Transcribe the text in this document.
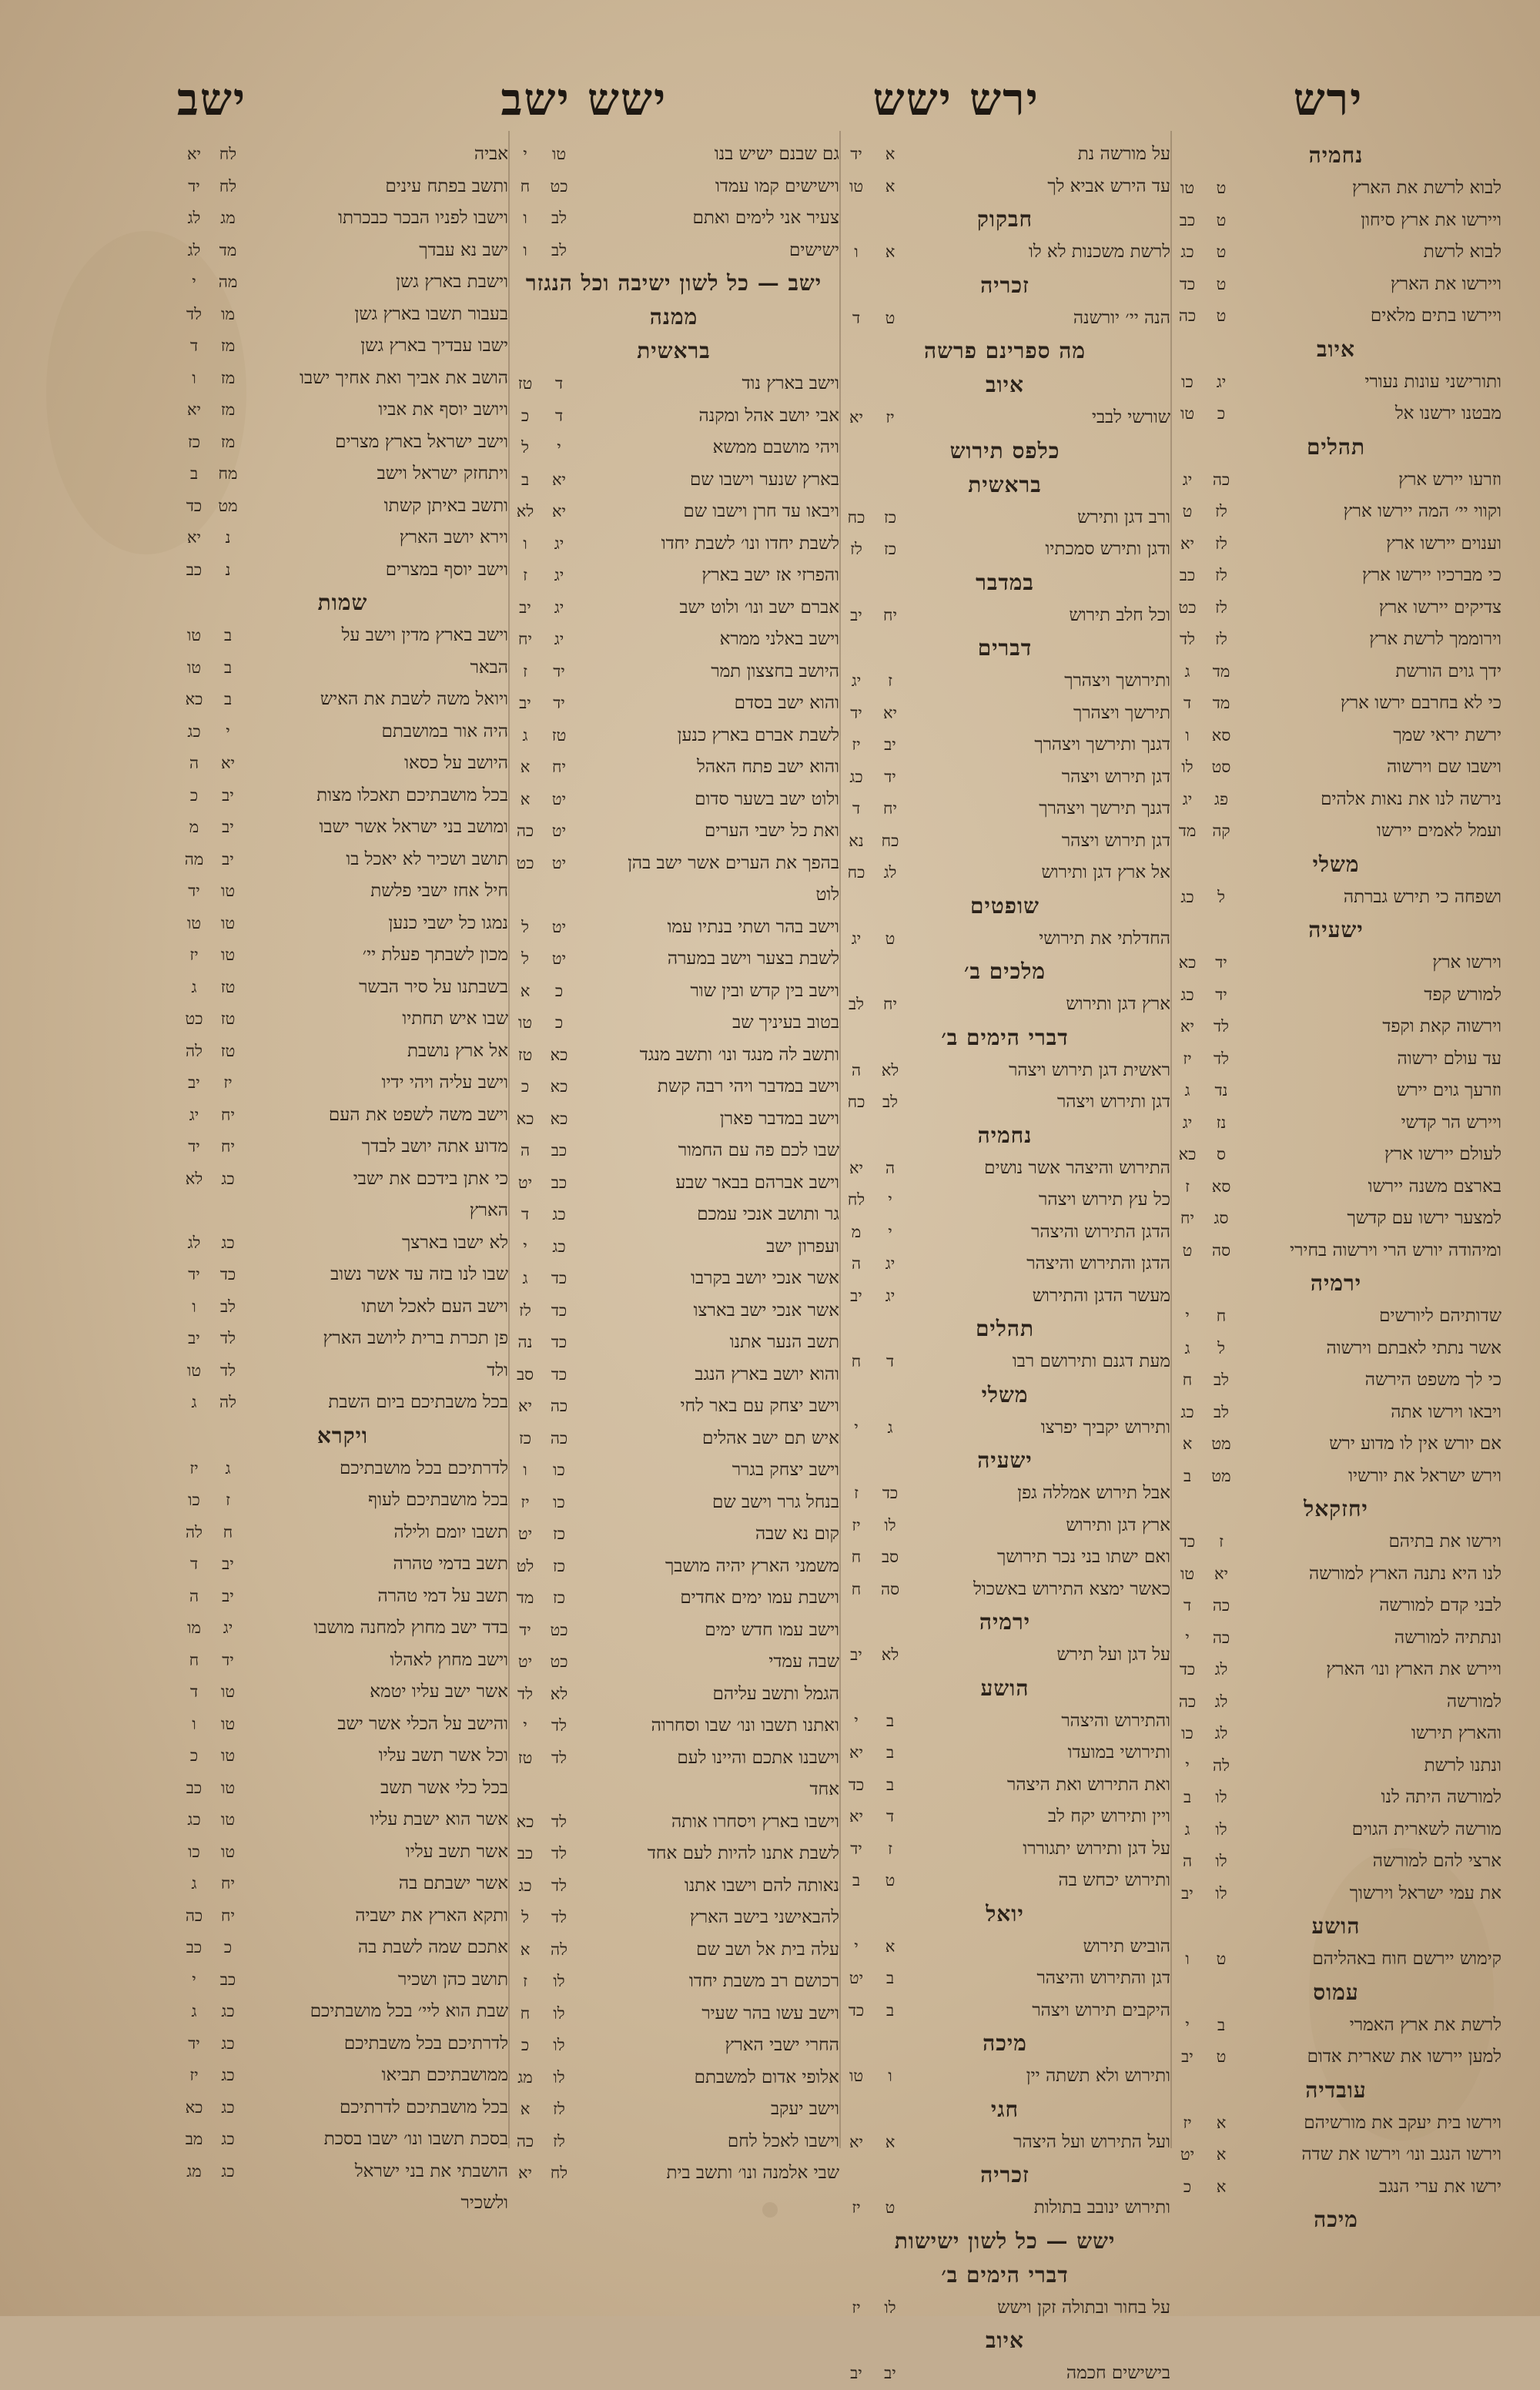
ירש
ירש ישש
ישש ישב
ישב
נחמיה
לבוא לרשת את הארץ
ט
טו
ויירשו את ארץ סיחון
ט
כב
לבוא לרשת
ט
כג
ויירשו את הארץ
ט
כד
ויירשו בתים מלאים
ט
כה
איוב
ותורישני עונות נעורי
יג
כו
מבטנו ירשנו אל
כ
טו
תהלים
וזרעו יירש ארץ
כה
יג
וקווי יי׳ המה יירשו ארץ
לז
ט
וענוים יירשו ארץ
לז
יא
כי מברכיו יירשו ארץ
לז
כב
צדיקים יירשו ארץ
לז
כט
וירוממך לרשת ארץ
לז
לד
ידך גוים הורשת
מד
ג
כי לא בחרבם ירשו ארץ
מד
ד
ירשת יראי שמך
סא
ו
וישבו שם וירשוה
סט
לו
נירשה לנו את נאות אלהים
פג
יג
ועמל לאמים יירשו
קה
מד
משלי
ושפחה כי תירש גברתה
ל
כג
ישעיה
וירשו ארץ
יד
כא
למורש קפד
יד
כג
וירשוה קאת וקפד
לד
יא
עד עולם ירשוה
לד
יז
וזרעך גוים יירש
נד
ג
ויירש הר קדשי
נז
יג
לעולם יירשו ארץ
ס
כא
בארצם משנה יירשו
סא
ז
למצער ירשו עם קדשך
סג
יח
ומיהודה יורש הרי וירשוה בחירי
סה
ט
ירמיה
שדותיהם ליורשים
ח
י
אשר נתתי לאבתם וירשוה
ל
ג
כי לך משפט הירשה
לב
ח
ויבאו וירשו אתה
לב
כג
אם יורש אין לו מדוע ירש
מט
א
וירש ישראל את יורשיו
מט
ב
יחזקאל
וירשו את בתיהם
ז
כד
לנו היא נתנה הארץ למורשה
יא
טו
לבני קדם למורשה
כה
ד
ונתתיה למורשה
כה
י
ויירש את הארץ ונו׳ הארץ
לג
כד
למורשה
לג
כה
והארץ תירשו
לג
כו
ונתנו לרשת
לה
י
למורשה היתה לנו
לו
ב
מורשה לשארית הגוים
לו
ג
ארצי להם למורשה
לו
ה
את עמי ישראל וירשוך
לו
יב
הושע
קימוש יירשם חוח באהליהם
ט
ו
עמוס
לרשת את ארץ האמרי
ב
י
למען יירשו את שארית אדום
ט
יב
עובדיה
וירשו בית יעקב את מורשיהם
א
יז
וירשו הנגב ונו׳ וירשו את שדה
א
יט
ירשו את ערי הנגב
א
כ
מיכה
על מורשה נת
א
יד
עד הירש אביא לך
א
טו
חבקוק
לרשת משכנות לא לו
א
ו
זכריה
הנה יי׳ יורשנה
ט
ד
מה ספרינם פרשה
איוב
שורשי לבבי
יז
יא
כלפס תירוש
בראשית
ורב דגן ותירש
כז
כח
ודגן ותירש סמכתיו
כז
לז
במדבר
וכל חלב תירוש
יח
יב
דברים
ותירושך ויצהרך
ז
יג
תירשך ויצהרך
יא
יד
דגנך ותירשך ויצהרך
יב
יז
דגן תירוש ויצהר
יד
כג
דגנך תירשך ויצהרך
יח
ד
דגן תירוש ויצהר
כח
נא
אל ארץ דגן ותירוש
לג
כח
שופטים
החדלתי את תירושי
ט
יג
מלכים ב׳
ארץ דגן ותירוש
יח
לב
דברי הימים ב׳
ראשית דגן תירוש ויצהר
לא
ה
דגן ותירוש ויצהר
לב
כח
נחמיה
התירוש והיצהר אשר נושים
ה
יא
כל עץ תירוש ויצהר
י
לח
הדגן התירוש והיצהר
י
מ
הדגן והתירוש והיצהר
יג
ה
מעשר הדגן והתירוש
יג
יב
תהלים
מעת דגנם ותירושם רבו
ד
ח
משלי
ותירוש יקביך יפרצו
ג
י
ישעיה
אבל תירוש אמללה גפן
כד
ז
ארץ דגן ותירוש
לו
יז
ואם ישתו בני נכר תירושך
סב
ח
כאשר ימצא התירוש באשכול
סה
ח
ירמיה
על דגן ועל תירש
לא
יב
הושע
והתירוש והיצהר
ב
י
ותירושי במועדו
ב
יא
ואת התירוש ואת היצהר
ב
כד
ויין ותירוש יקח לב
ד
יא
על דגן ותירוש יתגוררו
ז
יד
ותירוש יכחש בה
ט
ב
יואל
הוביש תירוש
א
י
דגן והתירוש והיצהר
ב
יט
היקבים תירוש ויצהר
ב
כד
מיכה
ותירוש ולא תשתה יין
ו
טו
חגי
ועל התירוש ועל היצהר
א
יא
זכריה
ותירוש ינובב בתולות
ט
יז
ישש — כל לשון ישישות
דברי הימים ב׳
על בחור ובתולה זקן וישש
לו
יז
איוב
בישישים חכמה
יב
יב
גם שבנם ישיש בנו
טו
י
וישישים קמו עמדו
כט
ח
צעיר אני לימים ואתם
לב
ו
ישישים
לב
ו
ישב — כל לשון ישיבה וכל הנגזר
ממנה
בראשית
וישב בארץ נוד
ד
טז
אבי יושב אהל ומקנה
ד
כ
ויהי מושבם ממשא
י
ל
בארץ שנער וישבו שם
יא
ב
ויבאו עד חרן וישבו שם
יא
לא
לשבת יחדו ונו׳ לשבת יחדו
יג
ו
והפרזי אז ישב בארץ
יג
ז
אברם ישב ונו׳ ולוט ישב
יג
יב
וישב באלני ממרא
יג
יח
היושב בחצצון תמר
יד
ז
והוא ישב בסדם
יד
יב
לשבת אברם בארץ כנען
טז
ג
והוא ישב פתח האהל
יח
א
ולוט ישב בשער סדום
יט
א
ואת כל ישבי הערים
יט
כה
בהפך את הערים אשר ישב בהן
יט
כט
לוט
וישב בהר ושתי בנתיו עמו
יט
ל
לשבת בצער וישב במערה
יט
ל
וישב בין קדש ובין שור
כ
א
בטוב בעיניך שב
כ
טו
ותשב לה מנגד ונו׳ ותשב מנגד
כא
טז
וישב במדבר ויהי רבה קשת
כא
כ
וישב במדבר פארן
כא
כא
שבו לכם פה עם החמור
כב
ה
וישב אברהם בבאר שבע
כב
יט
גר ותושב אנכי עמכם
כג
ד
ועפרון ישב
כג
י
אשר אנכי יושב בקרבו
כד
ג
אשר אנכי ישב בארצו
כד
לז
תשב הנער אתנו
כד
נה
והוא יושב בארץ הנגב
כד
סב
וישב יצחק עם באר לחי
כה
יא
איש תם ישב אהלים
כה
כז
וישב יצחק בגרר
כו
ו
בנחל גרר וישב שם
כו
יז
קום נא שבה
כז
יט
משמני הארץ יהיה מושבך
כז
לט
וישבת עמו ימים אחדים
כז
מד
וישב עמו חדש ימים
כט
יד
שבה עמדי
כט
יט
הגמל ותשב עליהם
לא
לד
ואתנו תשבו ונו׳ שבו וסחרוה
לד
י
וישבנו אתכם והיינו לעם
לד
טז
אחד
וישבו בארץ ויסחרו אותה
לד
כא
לשבת אתנו להיות לעם אחד
לד
כב
נאותה להם וישבו אתנו
לד
כג
להבאישני בישב הארץ
לד
ל
עלה בית אל ושב שם
לה
א
רכושם רב משבת יחדו
לו
ז
וישב עשו בהר שעיר
לו
ח
החרי ישבי הארץ
לו
כ
אלופי אדום למשבתם
לו
מג
וישב יעקב
לז
א
וישבו לאכל לחם
לז
כה
שבי אלמנה ונו׳ ותשב בית
לח
יא
אביה
לח
יא
ותשב בפתח עינים
לח
יד
וישבו לפניו הבכר כבכרתו
מג
לג
ישב נא עבדך
מד
לג
וישבת בארץ גשן
מה
י
בעבור תשבו בארץ גשן
מו
לד
ישבו עבדיך בארץ גשן
מז
ד
הושב את אביך ואת אחיך ישבו
מז
ו
ויושב יוסף את אביו
מז
יא
וישב ישראל בארץ מצרים
מז
כז
ויתחזק ישראל וישב
מח
ב
ותשב באיתן קשתו
מט
כד
וירא יושב הארץ
נ
יא
וישב יוסף במצרים
נ
כב
שמות
וישב בארץ מדין וישב על
ב
טו
הבאר
ב
טו
ויואל משה לשבת את האיש
ב
כא
היה אור במושבתם
י
כג
היושב על כסאו
יא
ה
בכל מושבתיכם תאכלו מצות
יב
כ
ומושב בני ישראל אשר ישבו
יב
מ
תושב ושכיר לא יאכל בו
יב
מה
חיל אחז ישבי פלשת
טו
יד
נמגו כל ישבי כנען
טו
טו
מכון לשבתך פעלת יי׳
טו
יז
בשבתנו על סיר הבשר
טז
ג
שבו איש תחתיו
טז
כט
אל ארץ נושבת
טז
לה
וישב עליה ויהי ידיו
יז
יב
וישב משה לשפט את העם
יח
יג
מדוע אתה יושב לבדך
יח
יד
כי אתן בידכם את ישבי
כג
לא
הארץ
לא ישבו בארצך
כג
לג
שבו לנו בזה עד אשר נשוב
כד
יד
וישב העם לאכל ושתו
לב
ו
פן תכרת ברית ליושב הארץ
לד
יב
ולד
לד
טו
בכל משבתיכם ביום השבת
לה
ג
ויקרא
לדרתיכם בכל מושבתיכם
ג
יז
בכל מושבתיכם לעוף
ז
כו
תשבו יומם ולילה
ח
לה
תשב בדמי טהרה
יב
ד
תשב על דמי טהרה
יב
ה
בדד ישב מחוץ למחנה מושבו
יג
מו
וישב מחוץ לאהלו
יד
ח
אשר ישב עליו יטמא
טו
ד
והישב על הכלי אשר ישב
טו
ו
וכל אשר תשב עליו
טו
כ
בכל כלי אשר תשב
טו
כב
אשר הוא ישבת עליו
טו
כג
אשר תשב עליו
טו
כו
אשר ישבתם בה
יח
ג
ותקא הארץ את ישביה
יח
כה
אתכם שמה לשבת בה
כ
כב
תושב כהן ושכיר
כב
י
שבת הוא ליי׳ בכל מושבתיכם
כג
ג
לדרתיכם בכל משבתיכם
כג
יד
ממושבתיכם תביאו
כג
יז
בכל מושבתיכם לדרתיכם
כג
כא
בסכת תשבו ונו׳ ישבו בסכת
כג
מב
הושבתי את בני ישראל
כג
מג
ולשכיר
